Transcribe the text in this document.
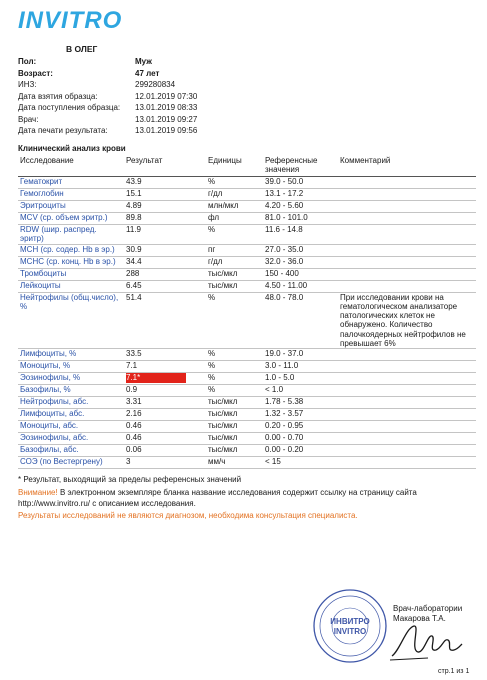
INVITRO
В ОЛЕГ
Пол:	Муж
Возраст:	47 лет
ИНЗ:	299280834
Дата взятия образца:	12.01.2019 07:30
Дата поступления образца: 13.01.2019 08:33
Врач:	13.01.2019 09:27
Дата печати результата:	13.01.2019 09:56
Клинический анализ крови
Исследование	Результат	Единицы	Референсные значения	Комментарий
Гематокрит	43.9	%	39.0 - 50.0	
Гемоглобин	15.1	г/дл	13.1 - 17.2	
Эритроциты	4.89	млн/мкл	4.20 - 5.60	
MCV (ср. объем эритр.)	89.8	фл	81.0 - 101.0	
RDW (шир. распред. эритр)	11.9	%	11.6 - 14.8	
MCH (ср. содер. Hb в эр.)	30.9	пг	27.0 - 35.0	
MCHC (ср. конц. Hb в эр.)	34.4	г/дл	32.0 - 36.0	
Тромбоциты	288	тыс/мкл	150 - 400	
Лейкоциты	6.45	тыс/мкл	4.50 - 11.00	
Нейтрофилы (общ.число), %	51.4	%	48.0 - 78.0	При исследовании крови на гематологическом анализаторе патологических клеток не обнаружено. Количество палочкоядерных нейтрофилов не превышает 6%
Лимфоциты, %	33.5	%	19.0 - 37.0	
Моноциты, %	7.1	%	3.0 - 11.0	
Эозинофилы, %	7.1*	%	1.0 - 5.0	
Базофилы, %	0.9	%	< 1.0	
Нейтрофилы, абс.	3.31	тыс/мкл	1.78 - 5.38	
Лимфоциты, абс.	2.16	тыс/мкл	1.32 - 3.57	
Моноциты, абс.	0.46	тыс/мкл	0.20 - 0.95	
Эозинофилы, абс.	0.46	тыс/мкл	0.00 - 0.70	
Базофилы, абс.	0.06	тыс/мкл	0.00 - 0.20	
СОЭ (по Вестергрену)	3	мм/ч	< 15	
* Результат, выходящий за пределы референсных значений
Внимание! В электронном экземпляре бланка название исследования содержит ссылку на страницу сайта http://www.invitro.ru/ с описанием исследования.
Результаты исследований не являются диагнозом, необходима консультация специалиста.
ИНВИТРО
INVITRO
Врач-лаборатории
Макарова Т.А.
стр.1 из 1
